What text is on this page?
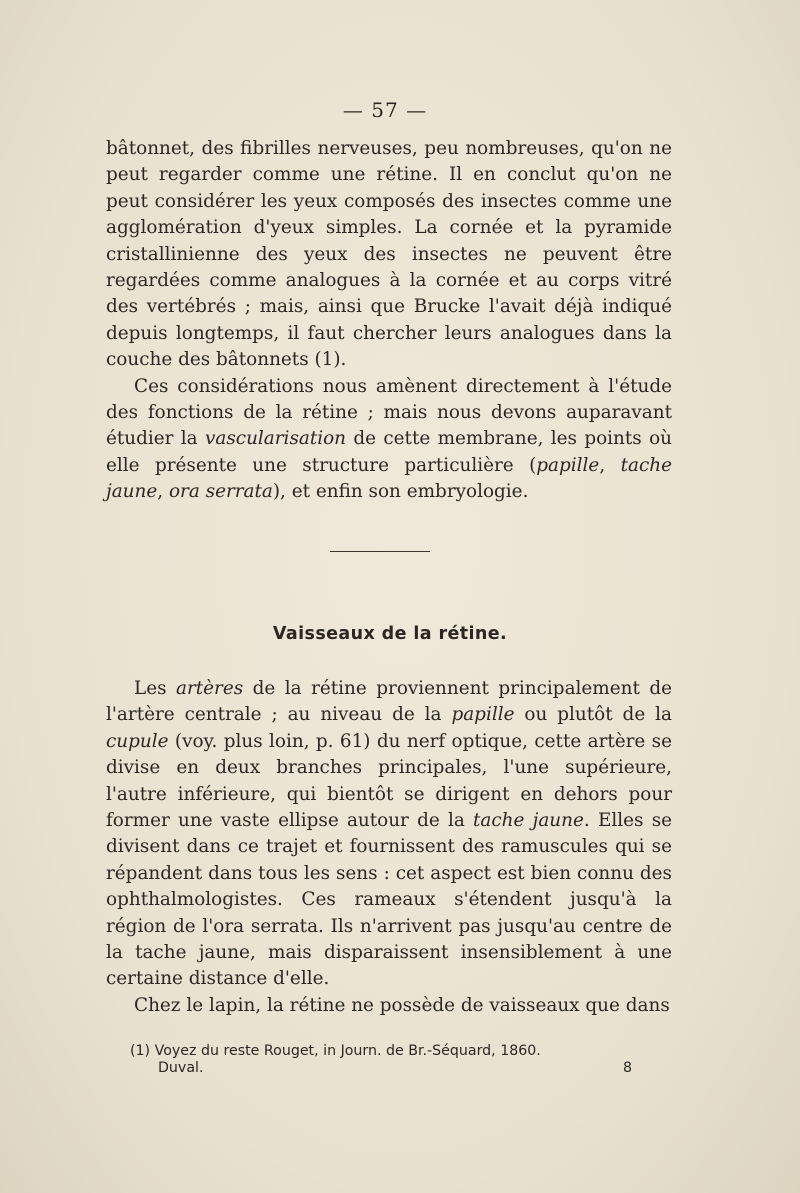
— 57 —

bâtonnet, des fibrilles nerveuses, peu nombreuses, qu'on ne peut regarder comme une rétine. Il en conclut qu'on ne peut considérer les yeux composés des insectes comme une agglomération d'yeux simples. La cornée et la pyramide cristallinienne des yeux des insectes ne peuvent être regardées comme analogues à la cornée et au corps vitré des vertébrés ; mais, ainsi que Brucke l'avait déjà indiqué depuis longtemps, il faut chercher leurs analogues dans la couche des bâtonnets (1).

Ces considérations nous amènent directement à l'étude des fonctions de la rétine ; mais nous devons auparavant étudier la vascularisation de cette membrane, les points où elle présente une structure particulière (papille, tache jaune, ora serrata), et enfin son embryologie.

Vaisseaux de la rétine.

Les artères de la rétine proviennent principalement de l'artère centrale ; au niveau de la papille ou plutôt de la cupule (voy. plus loin, p. 61) du nerf optique, cette artère se divise en deux branches principales, l'une supérieure, l'autre inférieure, qui bientôt se dirigent en dehors pour former une vaste ellipse autour de la tache jaune. Elles se divisent dans ce trajet et fournissent des ramuscules qui se répandent dans tous les sens : cet aspect est bien connu des ophthalmologistes. Ces rameaux s'étendent jusqu'à la région de l'ora serrata. Ils n'arrivent pas jusqu'au centre de la tache jaune, mais disparaissent insensiblement à une certaine distance d'elle.

Chez le lapin, la rétine ne possède de vaisseaux que dans

(1) Voyez du reste Rouget, in Journ. de Br.-Séquard, 1860.
Duval.	8
